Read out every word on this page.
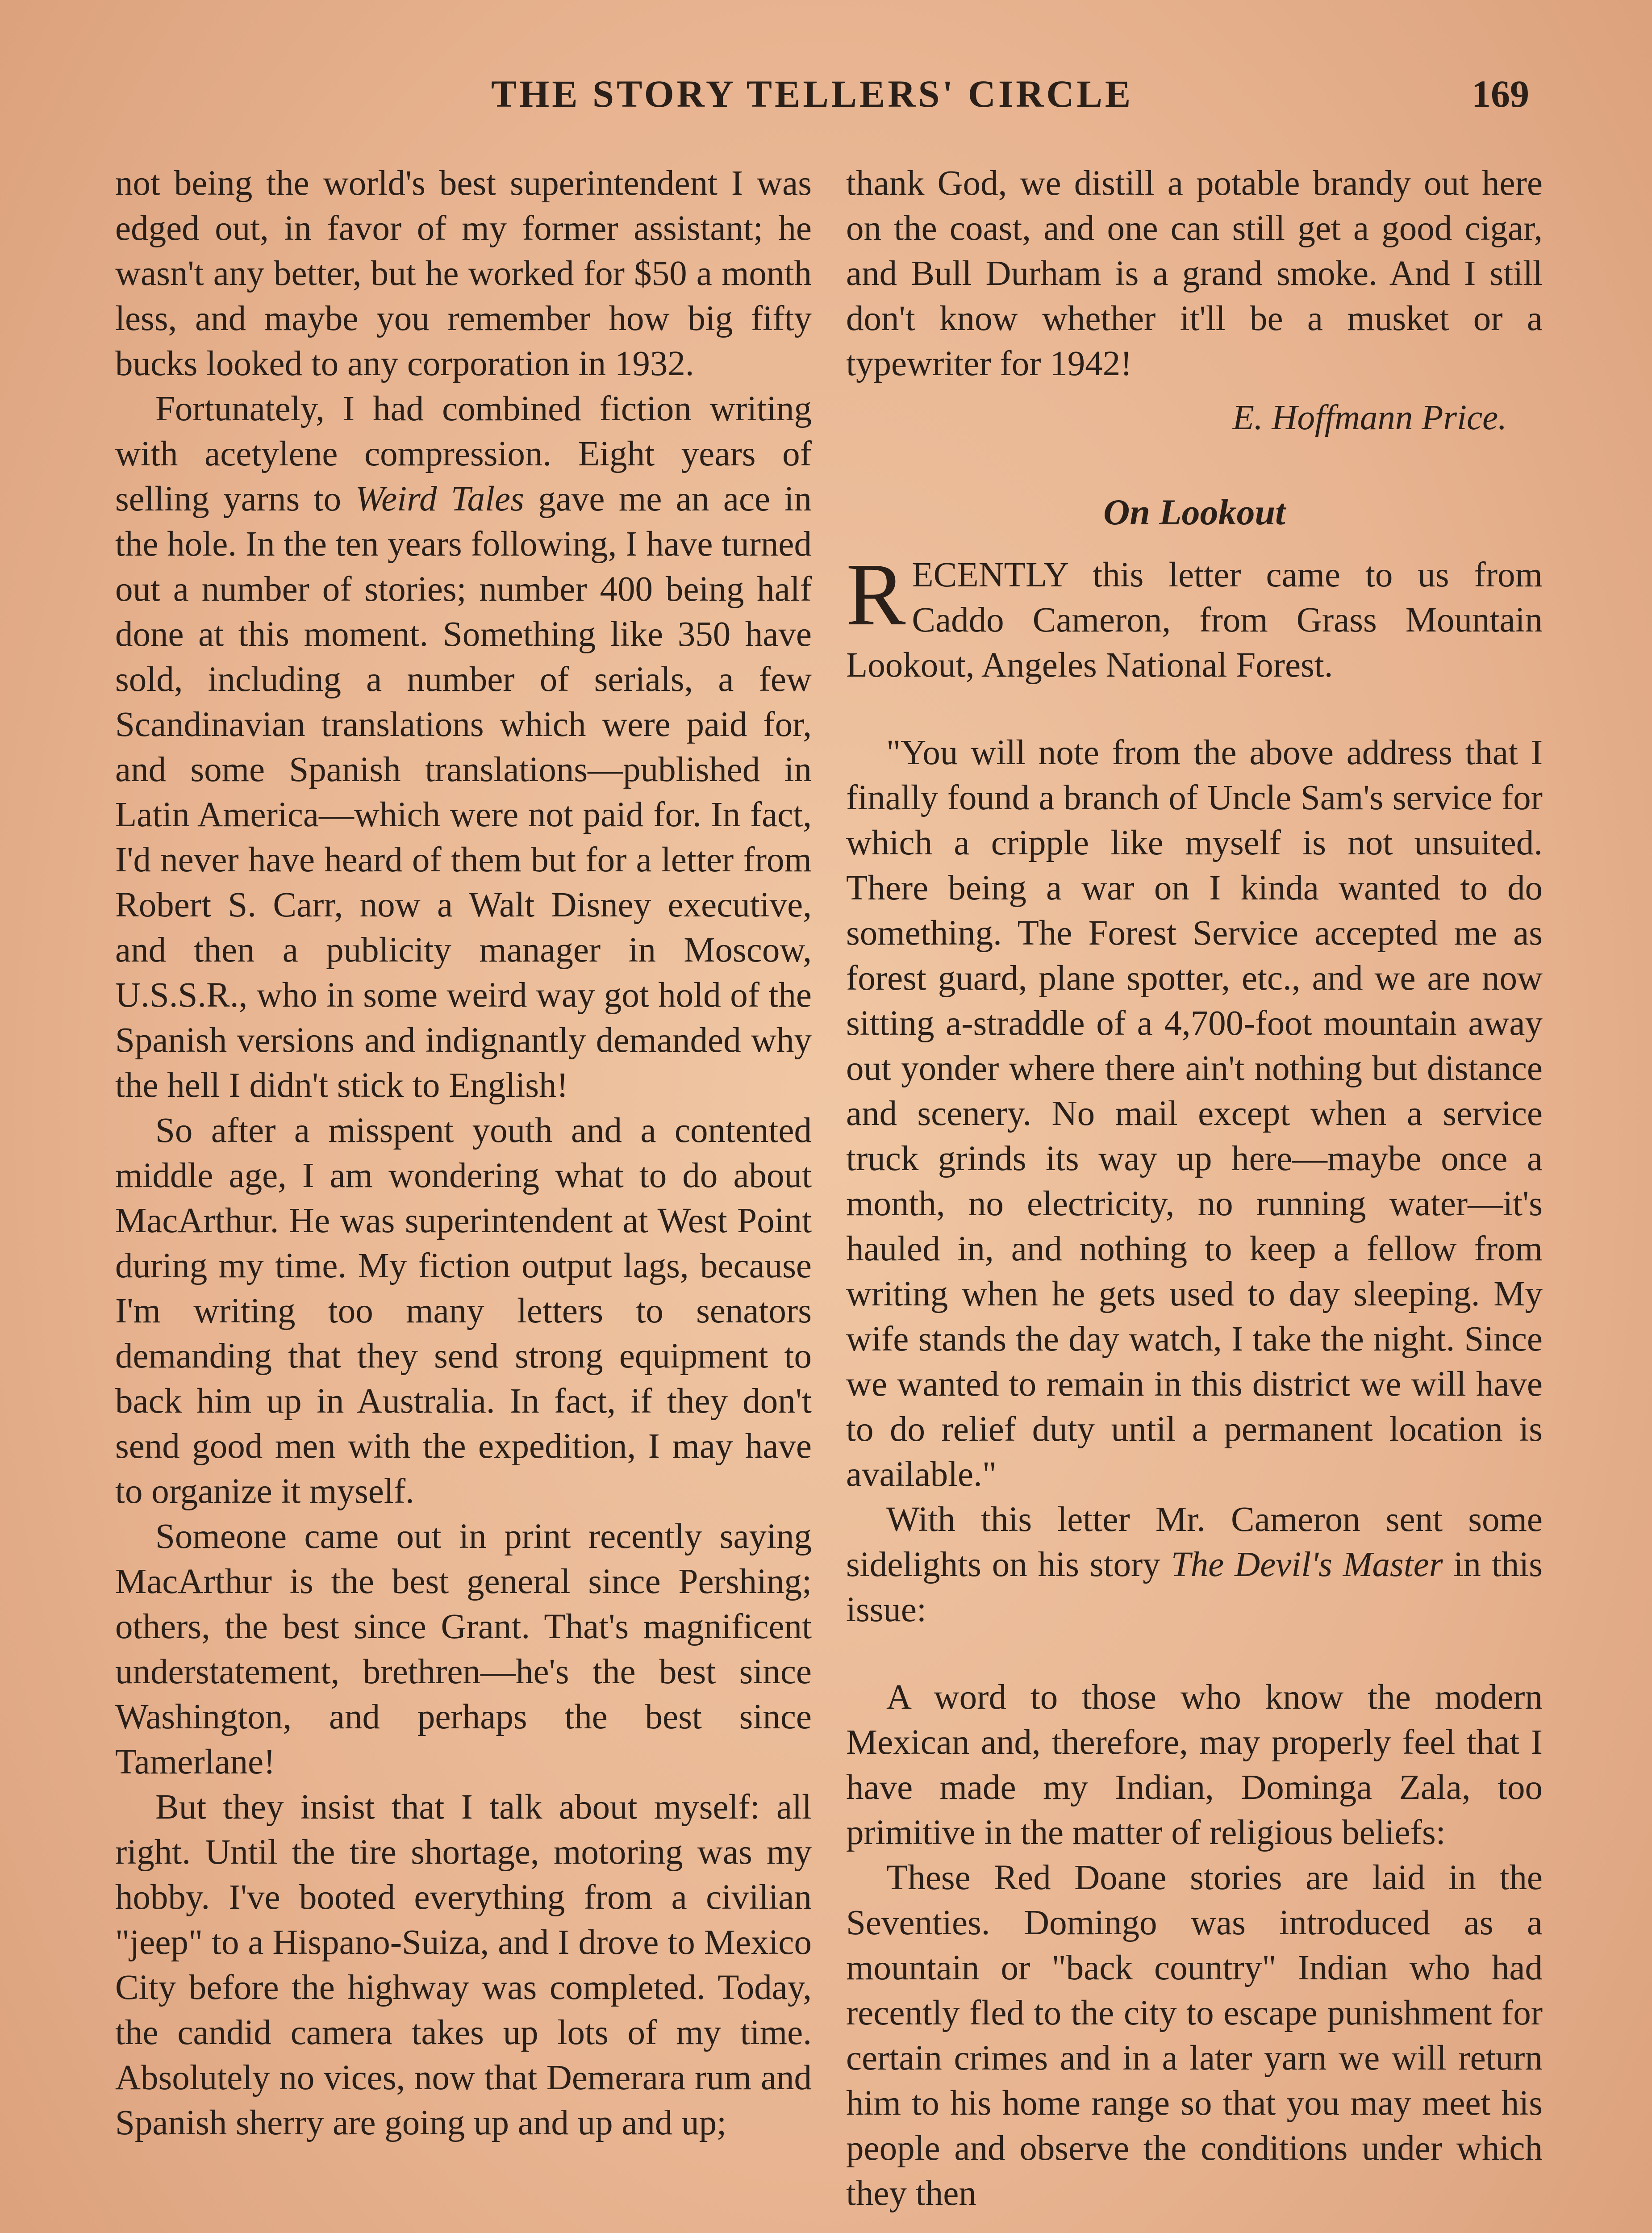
THE STORY TELLERS' CIRCLE	169

not being the world's best superintendent I was edged out, in favor of my former assistant; he wasn't any better, but he worked for $50 a month less, and maybe you remember how big fifty bucks looked to any corporation in 1932.

Fortunately, I had combined fiction writing with acetylene compression. Eight years of selling yarns to Weird Tales gave me an ace in the hole. In the ten years following, I have turned out a number of stories; number 400 being half done at this moment. Something like 350 have sold, including a number of serials, a few Scandinavian translations which were paid for, and some Spanish translations—published in Latin America—which were not paid for. In fact, I'd never have heard of them but for a letter from Robert S. Carr, now a Walt Disney executive, and then a publicity manager in Moscow, U.S.S.R., who in some weird way got hold of the Spanish versions and indignantly demanded why the hell I didn't stick to English!

So after a misspent youth and a contented middle age, I am wondering what to do about MacArthur. He was superintendent at West Point during my time. My fiction output lags, because I'm writing too many letters to senators demanding that they send strong equipment to back him up in Australia. In fact, if they don't send good men with the expedition, I may have to organize it myself.

Someone came out in print recently saying MacArthur is the best general since Pershing; others, the best since Grant. That's magnificent understatement, brethren—he's the best since Washington, and perhaps the best since Tamerlane!

But they insist that I talk about myself: all right. Until the tire shortage, motoring was my hobby. I've booted everything from a civilian "jeep" to a Hispano-Suiza, and I drove to Mexico City before the highway was completed. Today, the candid camera takes up lots of my time. Absolutely no vices, now that Demerara rum and Spanish sherry are going up and up and up;

thank God, we distill a potable brandy out here on the coast, and one can still get a good cigar, and Bull Durham is a grand smoke. And I still don't know whether it'll be a musket or a typewriter for 1942!

E. Hoffmann Price.

On Lookout

RECENTLY this letter came to us from Caddo Cameron, from Grass Mountain Lookout, Angeles National Forest.

"You will note from the above address that I finally found a branch of Uncle Sam's service for which a cripple like myself is not unsuited. There being a war on I kinda wanted to do something. The Forest Service accepted me as forest guard, plane spotter, etc., and we are now sitting a-straddle of a 4,700-foot mountain away out yonder where there ain't nothing but distance and scenery. No mail except when a service truck grinds its way up here—maybe once a month, no electricity, no running water—it's hauled in, and nothing to keep a fellow from writing when he gets used to day sleeping. My wife stands the day watch, I take the night. Since we wanted to remain in this district we will have to do relief duty until a permanent location is available."

With this letter Mr. Cameron sent some sidelights on his story The Devil's Master in this issue:

A word to those who know the modern Mexican and, therefore, may properly feel that I have made my Indian, Dominga Zala, too primitive in the matter of religious beliefs:

These Red Doane stories are laid in the Seventies. Domingo was introduced as a mountain or "back country" Indian who had recently fled to the city to escape punishment for certain crimes and in a later yarn we will return him to his home range so that you may meet his people and observe the conditions under which they then
